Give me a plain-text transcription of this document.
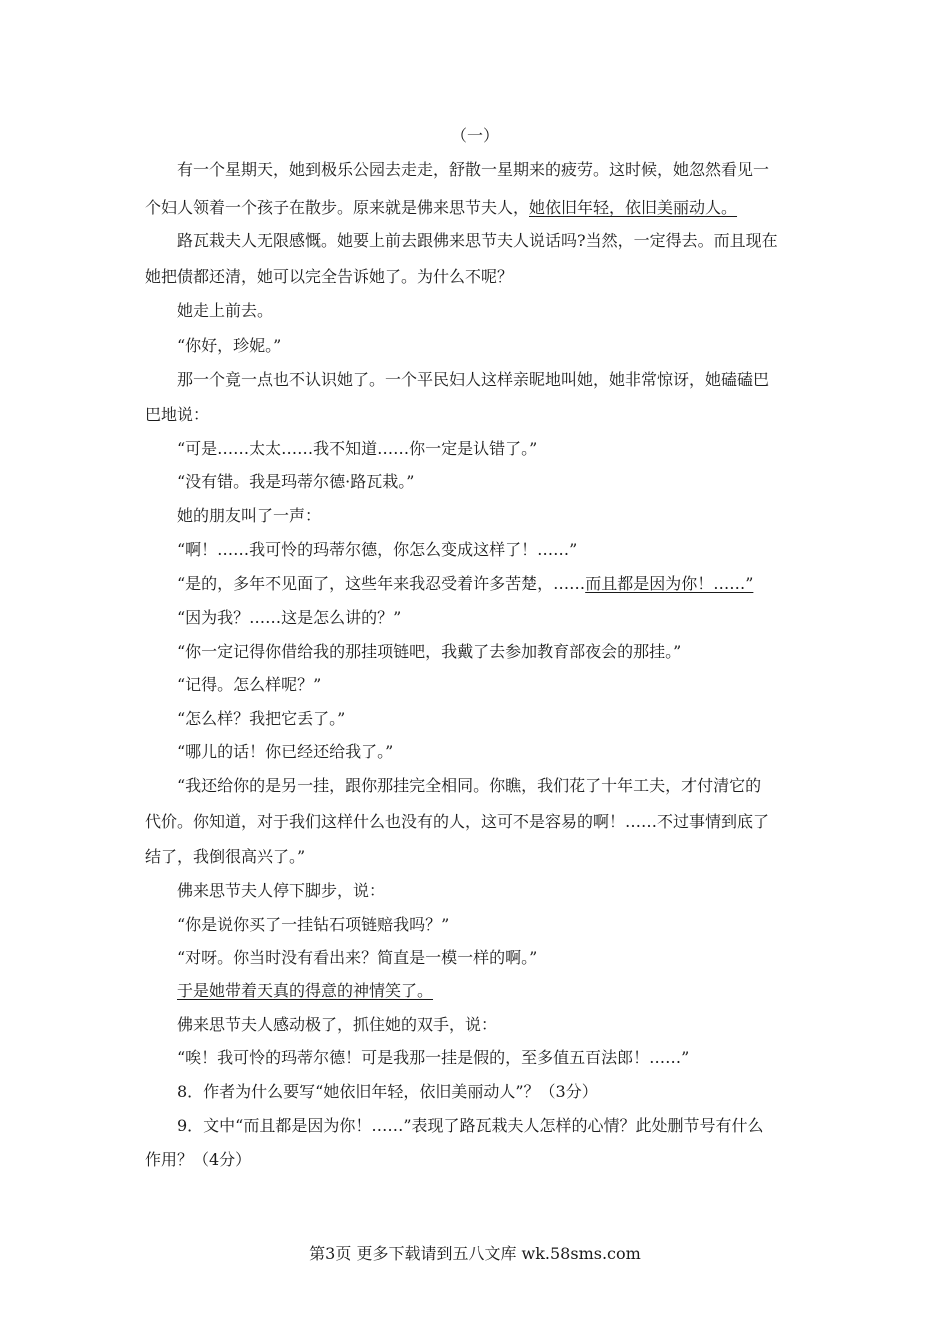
（一）
有一个星期天，她到极乐公园去走走，舒散一星期来的疲劳。这时候，她忽然看见一
个妇人领着一个孩子在散步。原来就是佛来思节夫人，她依旧年轻，依旧美丽动人。
路瓦栽夫人无限感慨。她要上前去跟佛来思节夫人说话吗?当然，一定得去。而且现在
她把债都还清，她可以完全告诉她了。为什么不呢？
她走上前去。
“你好，珍妮。”
那一个竟一点也不认识她了。一个平民妇人这样亲昵地叫她，她非常惊讶，她磕磕巴
巴地说：
“可是……太太……我不知道……你一定是认错了。”
“没有错。我是玛蒂尔德·路瓦栽。”
她的朋友叫了一声：
“啊！……我可怜的玛蒂尔德，你怎么变成这样了！……”
“是的，多年不见面了，这些年来我忍受着许多苦楚，……而且都是因为你！……”
“因为我？……这是怎么讲的？”
“你一定记得你借给我的那挂项链吧，我戴了去参加教育部夜会的那挂。”
“记得。怎么样呢？”
“怎么样？我把它丢了。”
“哪儿的话！你已经还给我了。”
“我还给你的是另一挂，跟你那挂完全相同。你瞧，我们花了十年工夫，才付清它的
代价。你知道，对于我们这样什么也没有的人，这可不是容易的啊！……不过事情到底了
结了，我倒很高兴了。”
佛来思节夫人停下脚步，说：
“你是说你买了一挂钻石项链赔我吗？”
“对呀。你当时没有看出来？简直是一模一样的啊。”
于是她带着天真的得意的神情笑了。
佛来思节夫人感动极了，抓住她的双手，说：
“唉！我可怜的玛蒂尔德！可是我那一挂是假的，至多值五百法郎！……”
8．作者为什么要写“她依旧年轻，依旧美丽动人”？（3分）
9．文中“而且都是因为你！……”表现了路瓦栽夫人怎样的心情？此处删节号有什么
作用？（4分）
第3页 更多下载请到五八文库 wk.58sms.com
